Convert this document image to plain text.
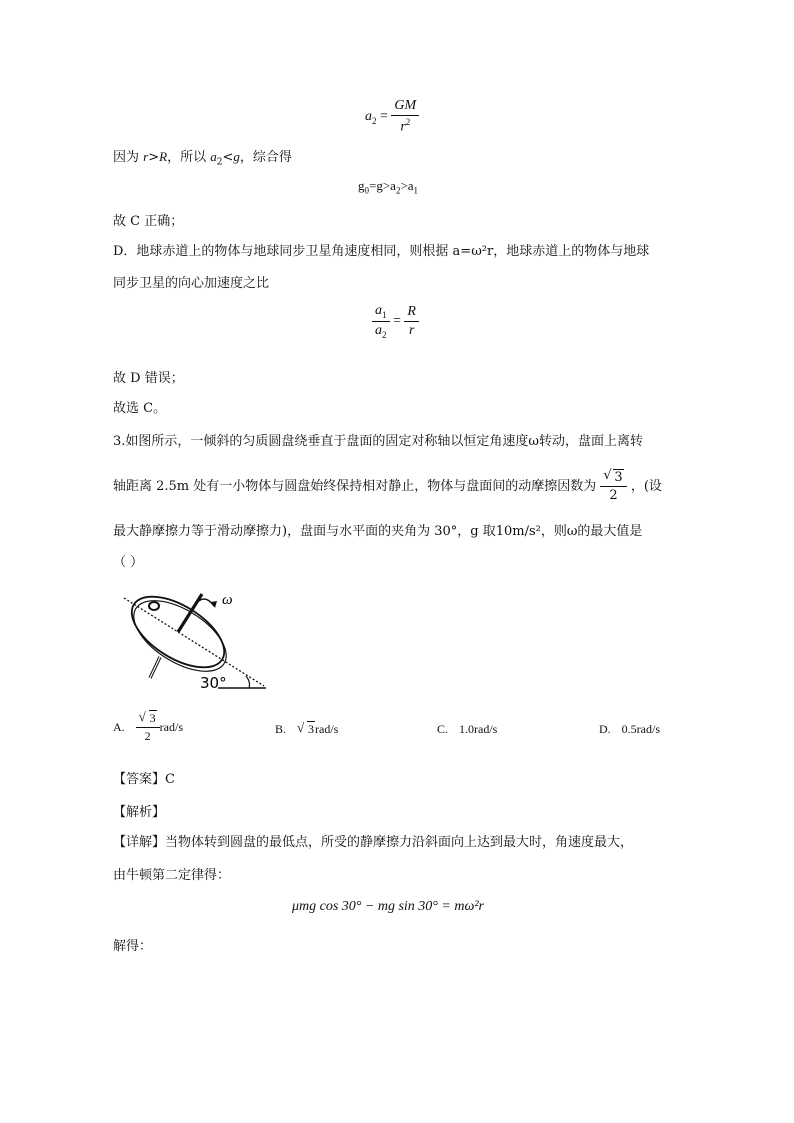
$a_2 = \frac{GM}{r^2}$
因为 r>R，所以 $a_2<g$，综合得
$g_0=g>a_2>a_1$
故 C 正确；
D．地球赤道上的物体与地球同步卫星角速度相同，则根据 a=ω²r，地球赤道上的物体与地球
同步卫星的向心加速度之比
$\frac{a_1}{a_2} = \frac{R}{r}$
故 D 错误；
故选 C。
3.如图所示，一倾斜的匀质圆盘绕垂直于盘面的固定对称轴以恒定角速度ω转动，盘面上离转
轴距离 2.5m 处有一小物体与圆盘始终保持相对静止，物体与盘面间的动摩擦因数为 $\frac{√ 3}{2}$ ，(设
最大静摩擦力等于滑动摩擦力)，盘面与水平面的夹角为 30°，g 取10m/s²，则ω的最大值是
（ ）
ω
30°
A. $\frac{√ 3}{2} rad/s$	B. √ 3rad/s	C. 1.0rad/s	D. 0.5rad/s
【答案】C
【解析】
【详解】当物体转到圆盘的最低点，所受的静摩擦力沿斜面向上达到最大时，角速度最大，
由牛顿第二定律得：
μmg cos 30° − mg sin 30° = mω²r
解得：
